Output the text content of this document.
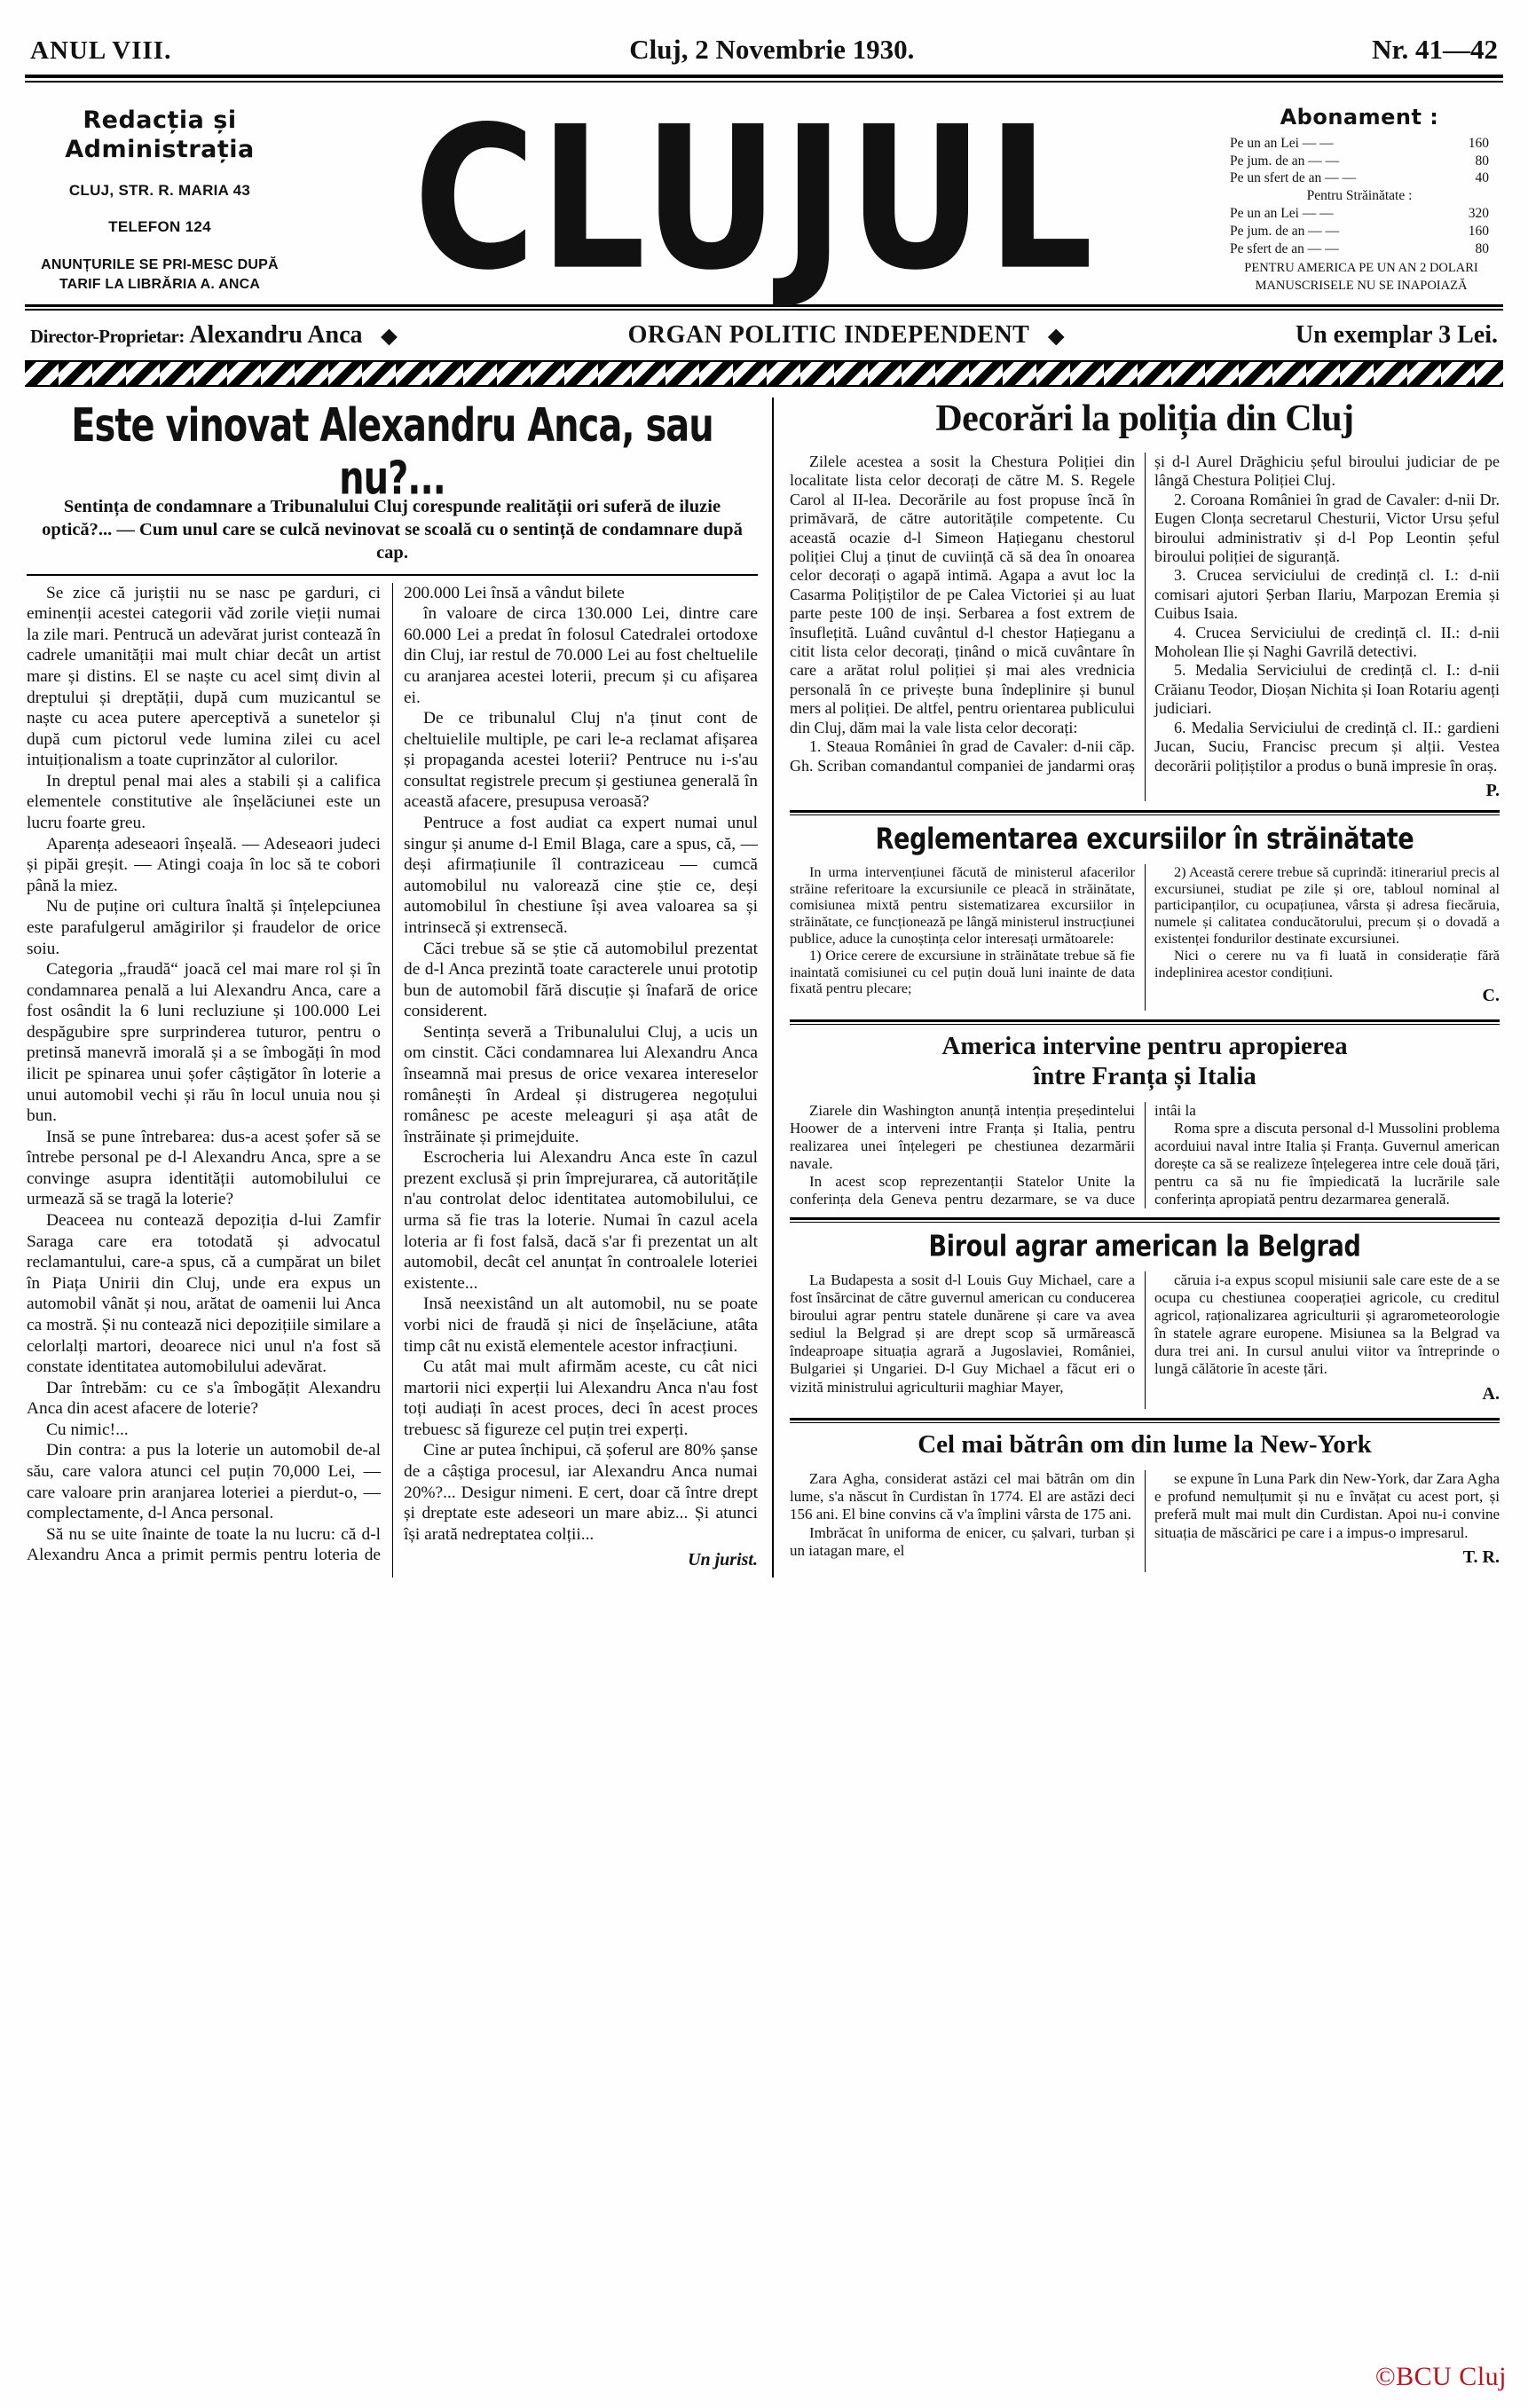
ANUL VIII.	Cluj, 2 Novembrie 1930.	Nr. 41—42
Redacția și
Administrația
CLUJ, STR. R. MARIA 43
TELEFON 124
ANUNȚURILE SE PRI-MESC DUPĂ TARIF LA LIBRĂRIA A. ANCA CLUJUL	Abonament :
Pe un an Lei — —	160
Pe jum. de an — —	80
Pe un sfert de an — —	40
Pentru Străinătate :
Pe un an Lei — —	320
Pe jum. de an — —	160
Pe sfert de an — —	80
PENTRU AMERICA PE UN AN 2 DOLARI
MANUSCRISELE NU SE INAPOIAZĂ
Director-Proprietar: Alexandru Anca ◆	ORGAN POLITIC INDEPENDENT ◆	Un exemplar 3 Lei.
Este vinovat Alexandru Anca, sau nu?...
Sentința de condamnare a Tribunalului Cluj corespunde realității ori suferă de iluzie optică?... — Cum unul care se culcă nevinovat se scoală cu o sentință de condamnare după cap.

Se zice că juriștii nu se nasc pe garduri, ci eminenții acestei categorii văd zorile vieții numai la zile mari. Pentrucă un adevărat jurist contează în cadrele umanității mai mult chiar decât un artist mare și distins. El se naște cu acel simț divin al dreptului și dreptății, după cum muzicantul se naște cu acea putere aperceptivă a sunetelor și după cum pictorul vede lumina zilei cu acel intuiționalism a toate cuprinzător al culorilor.

In dreptul penal mai ales a stabili și a califica elementele constitutive ale înșelăciunei este un lucru foarte greu.

Aparența adeseaori înșeală. — Adeseaori judeci și pipăi greșit. — Atingi coaja în loc să te cobori până la miez.

Nu de puține ori cultura înaltă și înțelepciunea este parafulgerul amăgirilor și fraudelor de orice soiu.

Categoria „fraudă“ joacă cel mai mare rol și în condamnarea penală a lui Alexandru Anca, care a fost osândit la 6 luni recluziune și 100.000 Lei despăgubire spre surprinderea tuturor, pentru o pretinsă manevră imorală și a se îmbogăți în mod ilicit pe spinarea unui șofer câștigător în loterie a unui automobil vechi și rău în locul unuia nou și bun.

Insă se pune întrebarea: dus-a acest șofer să se întrebe personal pe d-l Alexandru Anca, spre a se convinge asupra identității automobilului ce urmează să se tragă la loterie?

Deaceea nu contează depoziția d-lui Zamfir Saraga care era totodată și advocatul reclamantului, care-a spus, că a cumpărat un bilet în Piața Unirii din Cluj, unde era expus un automobil vânăt și nou, arătat de oamenii lui Anca ca mostră. Și nu contează nici depozițiile similare a celorlalți martori, deoarece nici unul n'a fost să constate identitatea automobilului adevărat.

Dar întrebăm: cu ce s'a îmbogățit Alexandru Anca din acest afacere de loterie?

Cu nimic!...

Din contra: a pus la loterie un automobil de-al său, care valora atunci cel puțin 70,000 Lei, — care valoare prin aranjarea loteriei a pierdut-o, — complectamente, d-l Anca personal.

Să nu se uite înainte de toate la nu lucru: că d-l Alexandru Anca a primit permis pentru loteria de 200.000 Lei însă a vândut bilete

în valoare de circa 130.000 Lei, dintre care 60.000 Lei a predat în folosul Catedralei ortodoxe din Cluj, iar restul de 70.000 Lei au fost cheltuelile cu aranjarea acestei loterii, precum și cu afișarea ei.

De ce tribunalul Cluj n'a ținut cont de cheltuielile multiple, pe cari le-a reclamat afișarea și propaganda acestei loterii? Pentruce nu i-s'au consultat registrele precum și gestiunea generală în această afacere, presupusa veroasă?

Pentruce a fost audiat ca expert numai unul singur și anume d-l Emil Blaga, care a spus, că, — deși afirmațiunile îl contraziceau — cumcă automobilul nu valorează cine știe ce, deși automobilul în chestiune își avea valoarea sa și intrinsecă și extrensecă.

Căci trebue să se știe că automobilul prezentat de d-l Anca prezintă toate caracterele unui prototip bun de automobil fără discuție și înafară de orice considerent.

Sentința severă a Tribunalului Cluj, a ucis un om cinstit. Căci condamnarea lui Alexandru Anca înseamnă mai presus de orice vexarea intereselor românești în Ardeal și distrugerea negoțului românesc pe aceste meleaguri și așa atât de înstrăinate și primejduite.

Escrocheria lui Alexandru Anca este în cazul prezent exclusă și prin împrejurarea, că autoritățile n'au controlat deloc identitatea automobilului, ce urma să fie tras la loterie. Numai în cazul acela loteria ar fi fost falsă, dacă s'ar fi prezentat un alt automobil, decât cel anunțat în controalele loteriei existente...

Insă neexistând un alt automobil, nu se poate vorbi nici de fraudă și nici de înșelăciune, atâta timp cât nu există elementele acestor infracțiuni.

Cu atât mai mult afirmăm aceste, cu cât nici martorii nici experții lui Alexandru Anca n'au fost toți audiați în acest proces, deci în acest proces trebuesc să figureze cel puțin trei experți.

Cine ar putea închipui, că șoferul are 80% șanse de a câștiga procesul, iar Alexandru Anca numai 20%?... Desigur nimeni. E cert, doar că între drept și dreptate este adeseori un mare abiz... Și atunci își arată nedreptatea colții...

Un jurist.

Decorări la poliția din Cluj

Zilele acestea a sosit la Chestura Poliției din localitate lista celor decorați de către M. S. Regele Carol al II-lea. Decorările au fost propuse încă în primăvară, de către autoritățile competente. Cu această ocazie d-l Simeon Hațieganu chestorul poliției Cluj a ținut de cuviință că să dea în onoarea celor decorați o agapă intimă. Agapa a avut loc la Casarma Polițiștilor de pe Calea Victoriei și au luat parte peste 100 de inși. Serbarea a fost extrem de însuflețită. Luând cuvântul d-l chestor Hațieganu a citit lista celor decorați, ținând o mică cuvântare în care a arătat rolul poliției și mai ales vrednicia personală în ce privește buna îndeplinire și bunul mers al poliției. De altfel, pentru orientarea publicului din Cluj, dăm mai la vale lista celor decorați:

1. Steaua României în grad de Cavaler: d-nii căp. Gh. Scriban comandantul companiei de jandarmi oraș și d-l Aurel Drăghiciu șeful biroului judiciar de pe lângă Chestura Poliției Cluj.

2. Coroana României în grad de Cavaler: d-nii Dr. Eugen Clonța secretarul Chesturii, Victor Ursu șeful biroului administrativ și d-l Pop Leontin șeful biroului poliției de siguranță.

3. Crucea serviciului de credință cl. I.: d-nii comisari ajutori Șerban Ilariu, Marpozan Eremia și Cuibus Isaia.

4. Crucea Serviciului de credință cl. II.: d-nii Moholean Ilie și Naghi Gavrilă detectivi.

5. Medalia Serviciului de credință cl. I.: d-nii Crăianu Teodor, Dioșan Nichita și Ioan Rotariu agenți judiciari.

6. Medalia Serviciului de credință cl. II.: gardieni Jucan, Suciu, Francisc precum și alții. Vestea decorării polițiștilor a produs o bună impresie în oraș.

P.

Reglementarea excursiilor în străinătate

In urma intervențiunei făcută de ministerul afacerilor străine referitoare la excursiunile ce pleacă in străinătate, comisiunea mixtă pentru sistematizarea excursiilor in străinătate, ce funcționează pe lângă ministerul instrucțiunei publice, aduce la cunoștința celor interesați următoarele:

1) Orice cerere de excursiune in străinătate trebue să fie inaintată comisiunei cu cel puțin două luni inainte de data fixată pentru plecare;

2) Această cerere trebue să cuprindă: itinerariul precis al excursiunei, studiat pe zile și ore, tabloul nominal al participanților, cu ocupațiunea, vârsta și adresa fiecăruia, numele și calitatea conducătorului, precum și o dovadă a existenței fondurilor destinate excursiunei.

Nici o cerere nu va fi luată in considerație fără indeplinirea acestor condițiuni.

C.

America intervine pentru apropierea
între Franța și Italia

Ziarele din Washington anunță intenția președintelui Hoower de a interveni intre Franța și Italia, pentru realizarea unei înțelegeri pe chestiunea dezarmării navale.

In acest scop reprezentanții Statelor Unite la conferința dela Geneva pentru dezarmare, se va duce intâi la

Roma spre a discuta personal d-l Mussolini problema acorduiui naval intre Italia și Franța. Guvernul american dorește ca să se realizeze înțelegerea intre cele două țări, pentru ca să nu fie împiedicată la lucrările sale conferința apropiată pentru dezarmarea generală.

Biroul agrar american la Belgrad

La Budapesta a sosit d-l Louis Guy Michael, care a fost însărcinat de către guvernul american cu conducerea biroului agrar pentru statele dunărene și care va avea sediul la Belgrad și are drept scop să urmărească îndeaproape situația agrară a Jugoslaviei, României, Bulgariei și Ungariei. D-l Guy Michael a făcut eri o vizită ministrului agriculturii maghiar Mayer,

căruia i-a expus scopul misiunii sale care este de a se ocupa cu chestiunea cooperației agricole, cu creditul agricol, raționalizarea agriculturii și agrarometeorologie în statele agrare europene. Misiunea sa la Belgrad va dura trei ani. In cursul anului viitor va întreprinde o lungă călătorie în aceste țări.

A.

Cel mai bătrân om din lume la New-York

Zara Agha, considerat astăzi cel mai bătrân om din lume, s'a născut în Curdistan în 1774. El are astăzi deci 156 ani. El bine convins că v'a împlini vârsta de 175 ani.

Imbrăcat în uniforma de enicer, cu șalvari, turban și un iatagan mare, el

se expune în Luna Park din New-York, dar Zara Agha e profund nemulțumit și nu e învățat cu acest port, și preferă mult mai mult din Curdistan. Apoi nu-i convine situația de măscărici pe care i a impus-o impresarul.

T. R.

©BCU Cluj
